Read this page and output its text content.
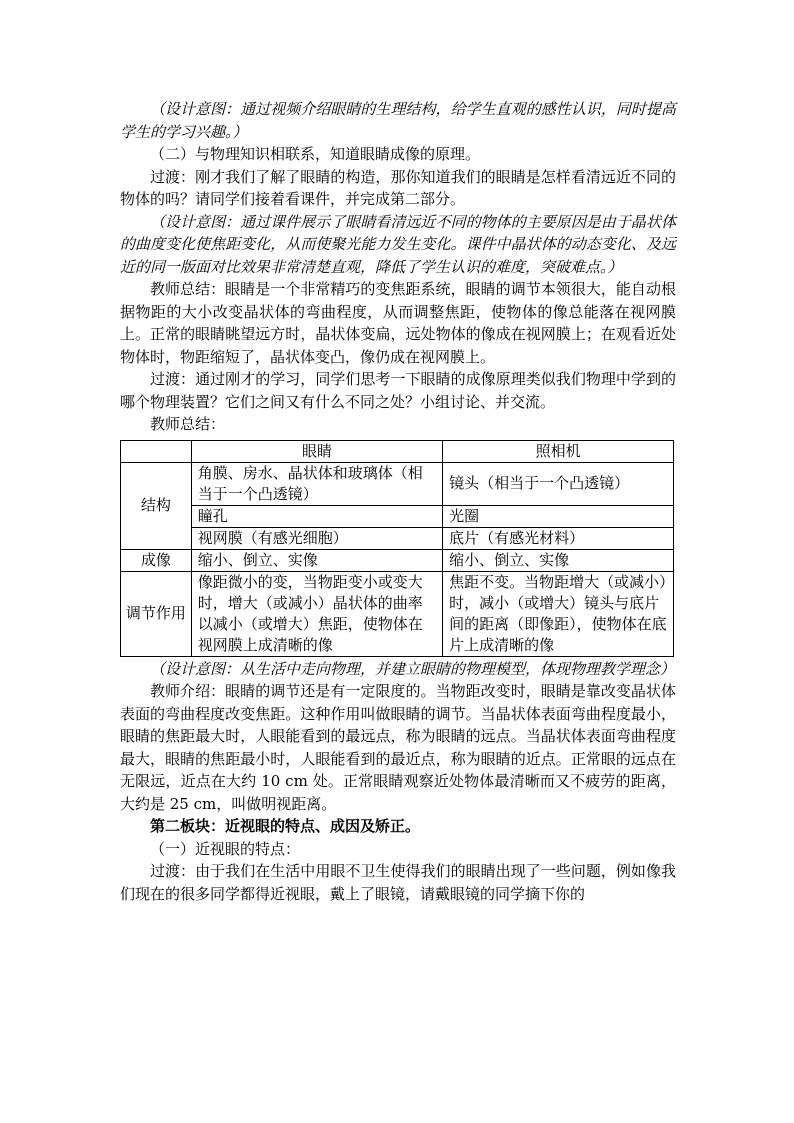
（设计意图：通过视频介绍眼睛的生理结构，给学生直观的感性认识，同时提高学生的学习兴趣。）

（二）与物理知识相联系，知道眼睛成像的原理。

过渡：刚才我们了解了眼睛的构造，那你知道我们的眼睛是怎样看清远近不同的物体的吗？请同学们接着看课件，并完成第二部分。

（设计意图：通过课件展示了眼睛看清远近不同的物体的主要原因是由于晶状体的曲度变化使焦距变化，从而使聚光能力发生变化。课件中晶状体的动态变化、及远近的同一版面对比效果非常清楚直观，降低了学生认识的难度，突破难点。）

教师总结：眼睛是一个非常精巧的变焦距系统，眼睛的调节本领很大，能自动根据物距的大小改变晶状体的弯曲程度，从而调整焦距，使物体的像总能落在视网膜上。正常的眼睛眺望远方时，晶状体变扁，远处物体的像成在视网膜上；在观看近处物体时，物距缩短了，晶状体变凸，像仍成在视网膜上。

过渡：通过刚才的学习，同学们思考一下眼睛的成像原理类似我们物理中学到的哪个物理装置？它们之间又有什么不同之处？小组讨论、并交流。

教师总结：

	眼睛	照相机
结构	角膜、房水、晶状体和玻璃体（相当于一个凸透镜）	镜头（相当于一个凸透镜）
	瞳孔	光圈
	视网膜（有感光细胞）	底片（有感光材料）
成像	缩小、倒立、实像	缩小、倒立、实像
调节作用	像距微小的变，当物距变小或变大时，增大（或减小）晶状体的曲率以减小（或增大）焦距，使物体在视网膜上成清晰的像	焦距不变。当物距增大（或减小）时，减小（或增大）镜头与底片间的距离（即像距），使物体在底片上成清晰的像

（设计意图：从生活中走向物理，并建立眼睛的物理模型，体现物理教学理念）

教师介绍：眼睛的调节还是有一定限度的。当物距改变时，眼睛是靠改变晶状体表面的弯曲程度改变焦距。这种作用叫做眼睛的调节。当晶状体表面弯曲程度最小，眼睛的焦距最大时，人眼能看到的最远点，称为眼睛的远点。当晶状体表面弯曲程度最大，眼睛的焦距最小时，人眼能看到的最近点，称为眼睛的近点。正常眼的远点在无限远，近点在大约 10 cm 处。正常眼睛观察近处物体最清晰而又不疲劳的距离，大约是 25 cm，叫做明视距离。

第二板块：近视眼的特点、成因及矫正。

（一）近视眼的特点：

过渡：由于我们在生活中用眼不卫生使得我们的眼睛出现了一些问题，例如像我们现在的很多同学都得近视眼，戴上了眼镜，请戴眼镜的同学摘下你的
